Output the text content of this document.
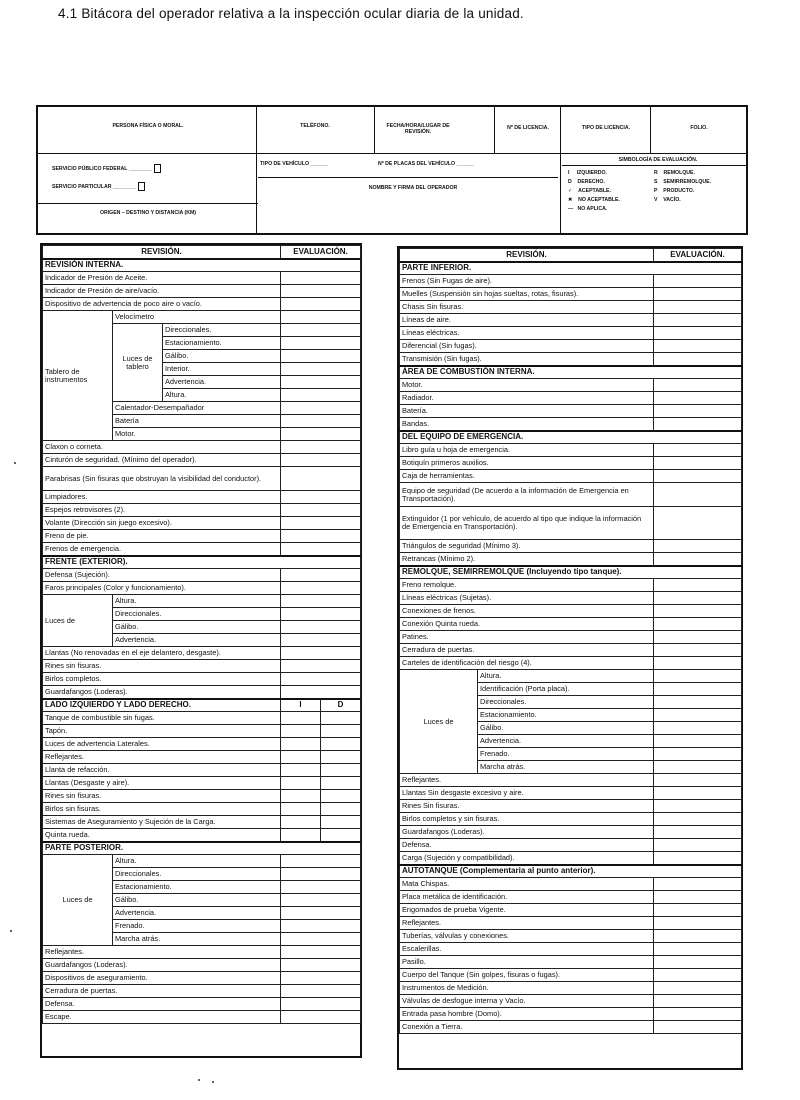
4.1 Bitácora del operador relativa a la inspección ocular diaria de la unidad.
PERSONA FÍSICA O MORAL.	TELÉFONO.	FECHA/HORA/LUGAR DE REVISIÓN.
Nº DE LICENCIA.	TIPO DE LICENCIA.	FOLIO.
SERVICIO PÚBLICO FEDERAL ________
SERVICIO PARTICULAR ________
TIPO DE VEHÍCULO ______	Nº DE PLACAS DEL VEHÍCULO ______
SIMBOLOGÍA DE EVALUACIÓN.
ORIGEN – DESTINO Y DISTANCIA (KM)
NOMBRE Y FIRMA DEL OPERADOR
I IZQUIERDO.
D DERECHO.
✓ ACEPTABLE.
✖ NO ACEPTABLE.
— NO APLICA.
R REMOLQUE.
S SEMIRREMOLQUE.
P PRODUCTO.
V VACÍO.
REVISIÓN.			EVALUACIÓN.	
REVISIÓN INTERNA.				
Indicador de Presión de Aceite.				
Indicador de Presión de aire/vacío.				
Dispositivo de advertencia de poco aire o vacío.				
Tablero de instrumentos	Velocímetro			
	Luces de tablero	Direccionales.		
		Estacionamiento.		
		Gálibo.		
		Interior.		
		Advertencia.		
		Altura.		
	Calentador-Desempañador			
	Batería			
	Motor.			
Claxon o corneta.				
Cinturón de seguridad. (Mínimo del operador).				
Parabrisas (Sin fisuras que obstruyan la visibilidad del conductor).				
Limpiadores.				
Espejos retrovisores (2).				
Volante (Dirección sin juego excesivo).				
Freno de pie.				
Frenos de emergencia.				
FRENTE (EXTERIOR).				
Defensa (Sujeción).				
Faros principales (Color y funcionamiento).				
Luces de	Altura.			
	Direccionales.			
	Gálibo.			
	Advertencia.			
Llantas (No renovadas en el eje delantero, desgaste).				
Rines sin fisuras.				
Birlos completos.				
Guardafangos (Loderas).				
LADO IZQUIERDO Y LADO DERECHO.			I	D
Tanque de combustible sin fugas.				
Tapón.				
Luces de advertencia Laterales.				
Reflejantes.				
Llanta de refacción.				
Llantas (Desgaste y aire).				
Rines sin fisuras.				
Birlos sin fisuras.				
Sistemas de Aseguramiento y Sujeción de la Carga.				
Quinta rueda.				
PARTE POSTERIOR.				
Luces de	Altura.			
	Direccionales.			
	Estacionamiento.			
	Gálibo.			
	Advertencia.			
	Frenado.			
	Marcha atrás.			
Reflejantes.				
Guardafangos (Loderas).				
Dispositivos de aseguramiento.				
Cerradura de puertas.				
Defensa.				
Escape.				
REVISIÓN.		EVALUACIÓN.
PARTE INFERIOR.		
Frenos (Sin Fugas de aire).		
Muelles (Suspensión sin hojas sueltas, rotas, fisuras).		
Chasis Sin fisuras.		
Líneas de aire.		
Líneas eléctricas.		
Diferencial (Sin fugas).		
Transmisión (Sin fugas).		
ÁREA DE COMBUSTIÓN INTERNA.		
Motor.		
Radiador.		
Batería.		
Bandas.		
DEL EQUIPO DE EMERGENCIA.		
Libro guía u hoja de emergencia.		
Botiquín primeros auxilios.		
Caja de herramientas.		
Equipo de seguridad (De acuerdo a la información de Emergencia en Transportación).		
Extinguidor (1 por vehículo, de acuerdo al tipo que indique la información de Emergencia en Transportación).		
Triángulos de seguridad (Mínimo 3).		
Retrancas (Mínimo 2).		
REMOLQUE, SEMIRREMOLQUE (Incluyendo tipo tanque).		
Freno remolque.		
Líneas eléctricas (Sujetas).		
Conexiones de frenos.		
Conexión Quinta rueda.		
Patines.		
Cerradura de puertas.		
Carteles de identificación del riesgo (4).		
Luces de	Altura.	
	Identificación (Porta placa).	
	Direccionales.	
	Estacionamiento.	
	Gálibo.	
	Advertencia.	
	Frenado.	
	Marcha atrás.	
Reflejantes.		
Llantas Sin desgaste excesivo y aire.		
Rines Sin fisuras.		
Birlos completos y sin fisuras.		
Guardafangos (Loderas).		
Defensa.		
Carga (Sujeción y compatibilidad).		
AUTOTANQUE (Complementaria al punto anterior).		
Mata Chispas.		
Placa metálica de identificación.		
Engomados de prueba Vigente.		
Reflejantes.		
Tuberías, válvulas y conexiones.		
Escalerillas.		
Pasillo.		
Cuerpo del Tanque (Sin golpes, fisuras o fugas).		
Instrumentos de Medición.		
Válvulas de desfogue interna y Vacío.		
Entrada pasa hombre (Domo).		
Conexión a Tierra.		
